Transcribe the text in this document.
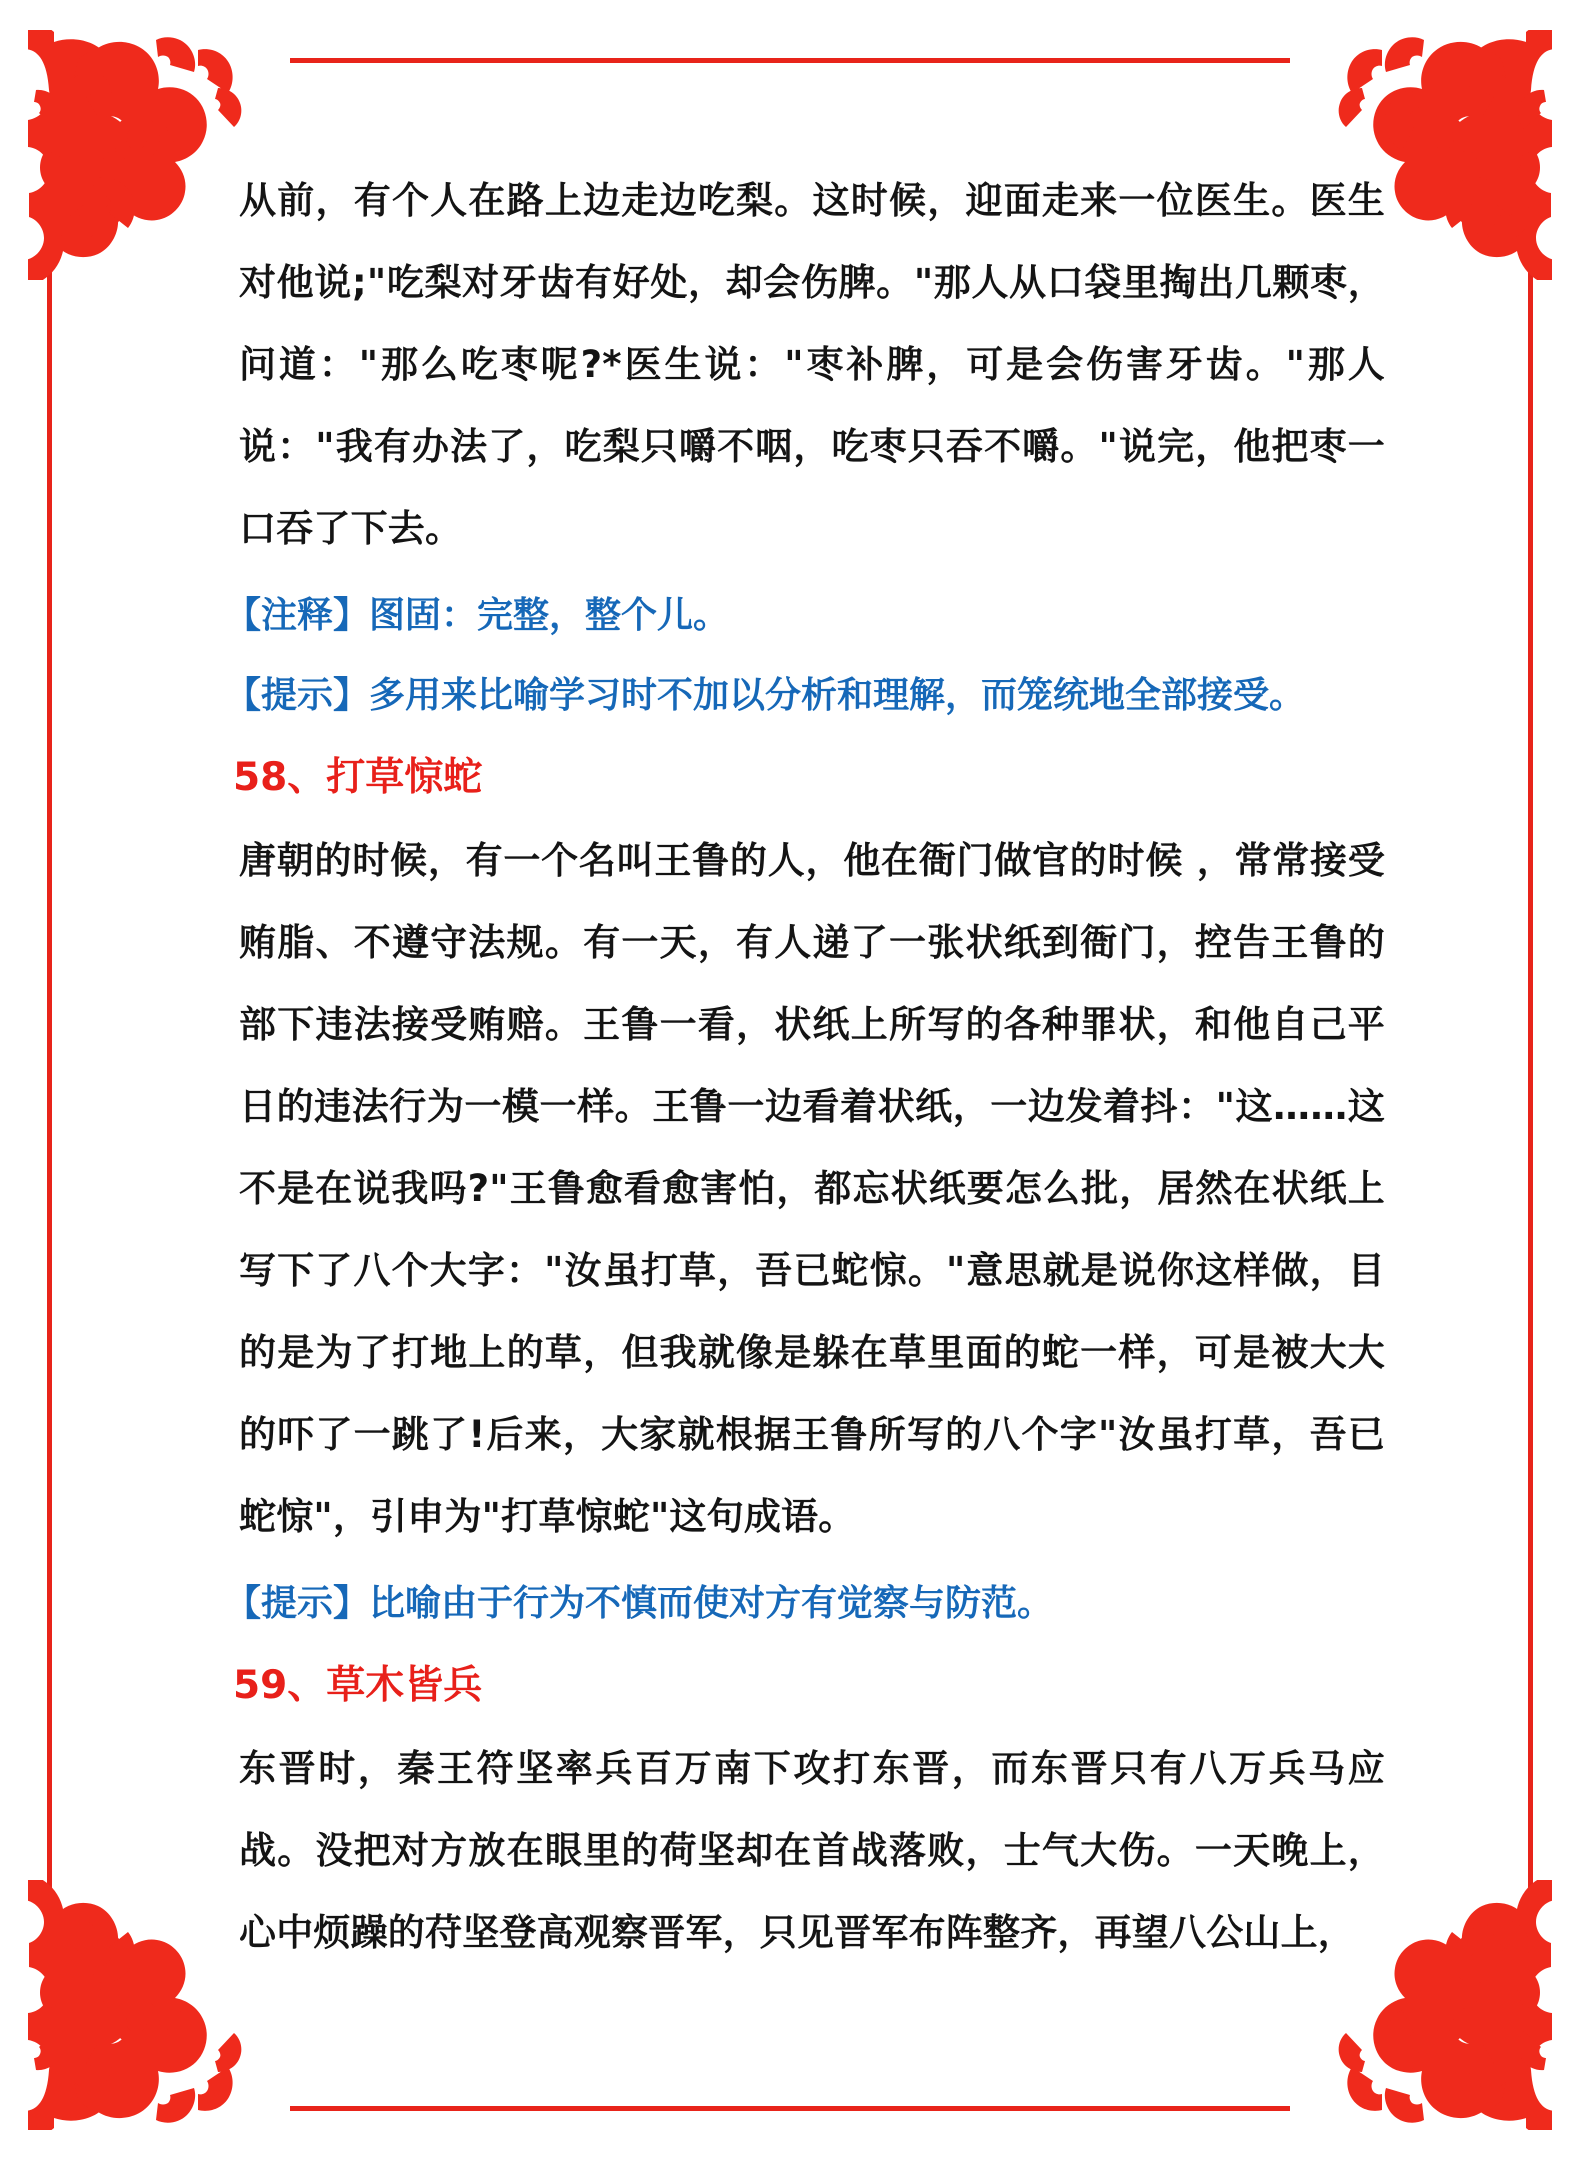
从前，有个人在路上边走边吃梨。这时候，迎面走来一位医生。医生对他说;"吃梨对牙齿有好处，却会伤脾。"那人从口袋里掏出几颗枣，问道："那么吃枣呢?*医生说："枣补脾，可是会伤害牙齿。"那人说："我有办法了，吃梨只嚼不咽，吃枣只吞不嚼。"说完，他把枣一口吞了下去。

【注释】图固：完整，整个儿。

【提示】多用来比喻学习时不加以分析和理解，而笼统地全部接受。

58、打草惊蛇

唐朝的时候，有一个名叫王鲁的人，他在衙门做官的时候 ，常常接受贿脂、不遵守法规。有一天，有人递了一张状纸到衙门，控告王鲁的部下违法接受贿赔。王鲁一看，状纸上所写的各种罪状，和他自己平日的违法行为一模一样。王鲁一边看着状纸，一边发着抖："这……这不是在说我吗?"王鲁愈看愈害怕，都忘状纸要怎么批，居然在状纸上写下了八个大字："汝虽打草，吾已蛇惊。"意思就是说你这样做，目的是为了打地上的草，但我就像是躲在草里面的蛇一样，可是被大大的吓了一跳了!后来，大家就根据王鲁所写的八个字"汝虽打草，吾已蛇惊"，引申为"打草惊蛇"这句成语。

【提示】比喻由于行为不慎而使对方有觉察与防范。

59、草木皆兵

东晋时，秦王符坚率兵百万南下攻打东晋，而东晋只有八万兵马应战。没把对方放在眼里的荷坚却在首战落败，士气大伤。一天晚上，心中烦躁的苻坚登高观察晋军，只见晋军布阵整齐，再望八公山上，
